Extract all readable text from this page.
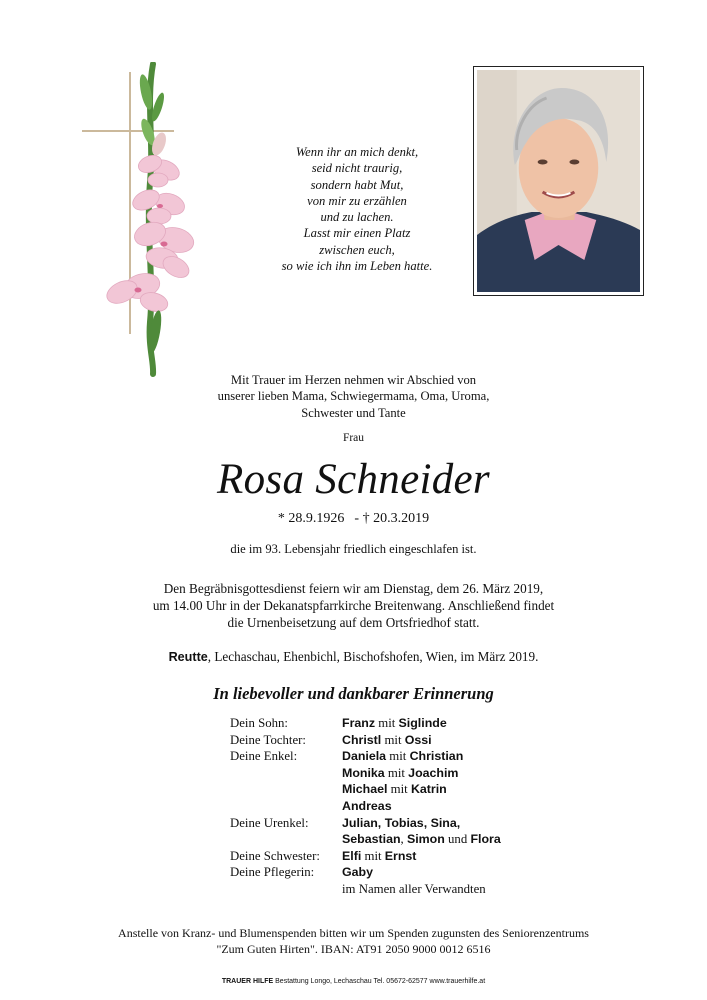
Wenn ihr an mich denkt,
seid nicht traurig,
sondern habt Mut,
von mir zu erzählen
und zu lachen.
Lasst mir einen Platz
zwischen euch,
so wie ich ihn im Leben hatte.
Mit Trauer im Herzen nehmen wir Abschied von
unserer lieben Mama, Schwiegermama, Oma, Uroma,
Schwester und Tante
Frau
Rosa Schneider
* 28.9.1926 - † 20.3.2019
die im 93. Lebensjahr friedlich eingeschlafen ist.
Den Begräbnisgottesdienst feiern wir am Dienstag, dem 26. März 2019,
um 14.00 Uhr in der Dekanatspfarrkirche Breitenwang. Anschließend findet
die Urnenbeisetzung auf dem Ortsfriedhof statt.
Reutte, Lechaschau, Ehenbichl, Bischofshofen, Wien, im März 2019.
In liebevoller und dankbarer Erinnerung
Dein Sohn:	Franz mit Siglinde
Deine Tochter:	Christl mit Ossi
Deine Enkel:	Daniela mit Christian
Monika mit Joachim
Michael mit Katrin
Andreas
Deine Urenkel:	Julian, Tobias, Sina,
Sebastian, Simon und Flora
Deine Schwester:	Elfi mit Ernst
Deine Pflegerin:	Gaby
im Namen aller Verwandten
Anstelle von Kranz- und Blumenspenden bitten wir um Spenden zugunsten des Seniorenzentrums
"Zum Guten Hirten". IBAN: AT91 2050 9000 0012 6516
TRAUER HILFE Bestattung Longo, Lechaschau Tel. 05672-62577 www.trauerhilfe.at
